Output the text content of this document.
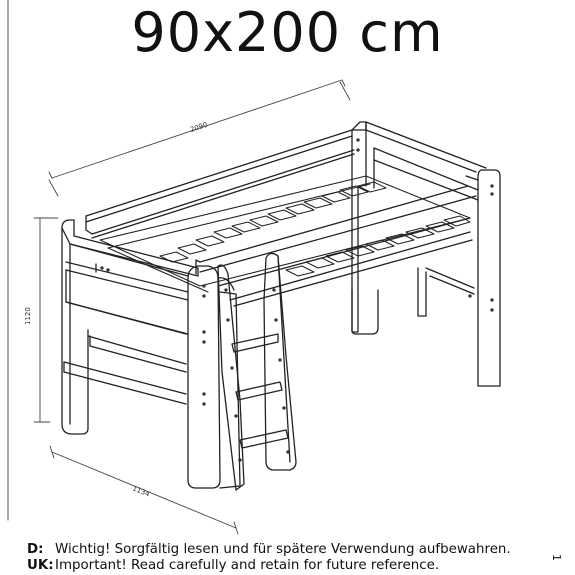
90x200 cm
2090
1120
1134
D: Wichtig! Sorgfältig lesen und für spätere Verwendung aufbewahren.
UK:Important! Read carefully and retain for future reference.
1
